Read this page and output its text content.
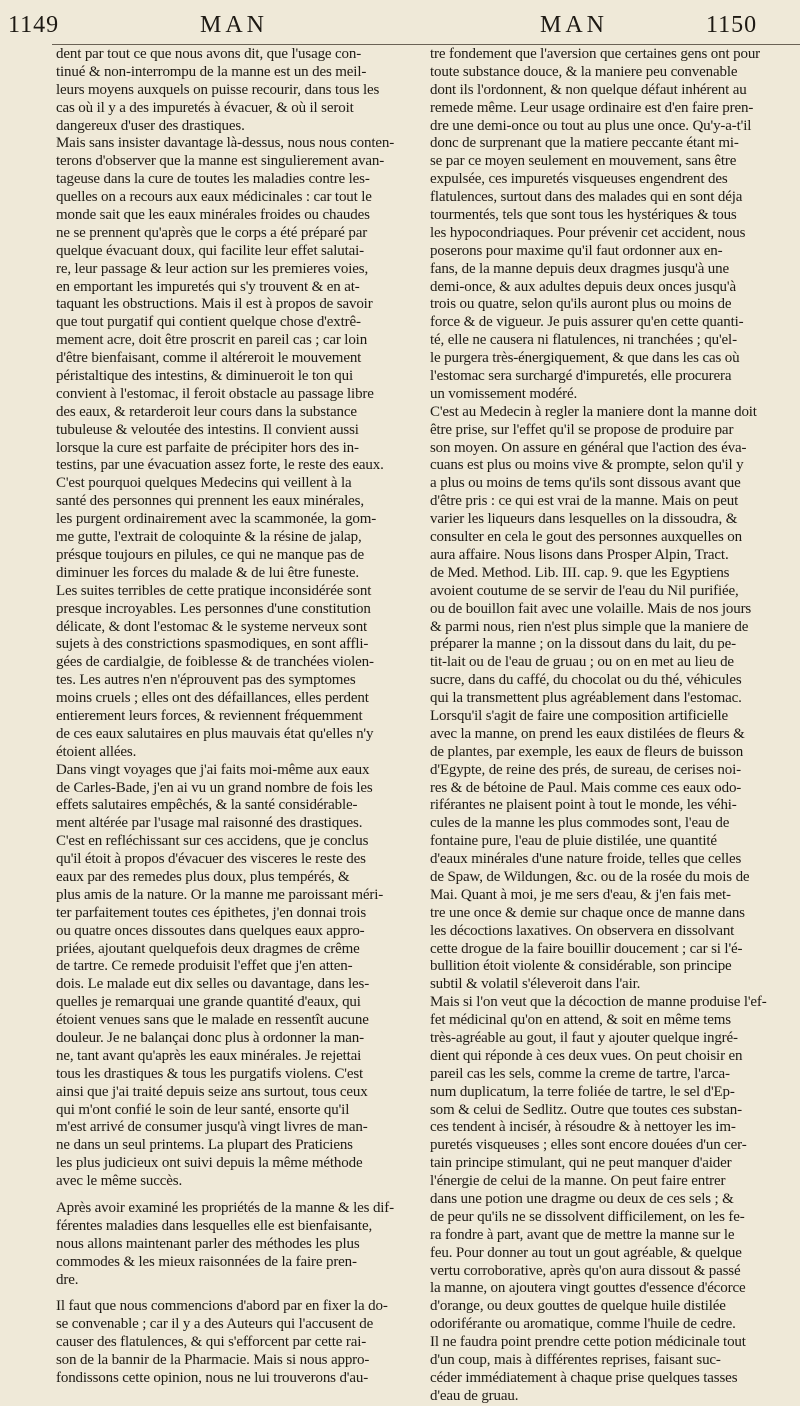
1149	MAN	MAN	1150
dent par tout ce que nous avons dit, que l'usage con-
tinué & non-interrompu de la manne est un des meil-
leurs moyens auxquels on puisse recourir, dans tous les
cas où il y a des impuretés à évacuer, & où il seroit
dangereux d'user des drastiques.
Mais sans insister davantage là-dessus, nous nous conten-
terons d'observer que la manne est singulierement avan-
tageuse dans la cure de toutes les maladies contre les-
quelles on a recours aux eaux médicinales : car tout le
monde sait que les eaux minérales froides ou chaudes
ne se prennent qu'après que le corps a été préparé par
quelque évacuant doux, qui facilite leur effet salutai-
re, leur passage & leur action sur les premieres voies,
en emportant les impuretés qui s'y trouvent & en at-
taquant les obstructions. Mais il est à propos de savoir
que tout purgatif qui contient quelque chose d'extrê-
mement acre, doit être proscrit en pareil cas ; car loin
d'être bienfaisant, comme il altéreroit le mouvement
péristaltique des intestins, & diminueroit le ton qui
convient à l'estomac, il feroit obstacle au passage libre
des eaux, & retarderoit leur cours dans la substance
tubuleuse & veloutée des intestins. Il convient aussi
lorsque la cure est parfaite de précipiter hors des in-
testins, par une évacuation assez forte, le reste des eaux.
C'est pourquoi quelques Medecins qui veillent à la
santé des personnes qui prennent les eaux minérales,
les purgent ordinairement avec la scammonée, la gom-
me gutte, l'extrait de coloquinte & la résine de jalap,
présque toujours en pilules, ce qui ne manque pas de
diminuer les forces du malade & de lui être funeste.
Les suites terribles de cette pratique inconsidérée sont
presque incroyables. Les personnes d'une constitution
délicate, & dont l'estomac & le systeme nerveux sont
sujets à des constrictions spasmodiques, en sont affli-
gées de cardialgie, de foiblesse & de tranchées violen-
tes. Les autres n'en n'éprouvent pas des symptomes
moins cruels ; elles ont des défaillances, elles perdent
entierement leurs forces, & reviennent fréquemment
de ces eaux salutaires en plus mauvais état qu'elles n'y
étoient allées.
Dans vingt voyages que j'ai faits moi-même aux eaux
de Carles-Bade, j'en ai vu un grand nombre de fois les
effets salutaires empêchés, & la santé considérable-
ment altérée par l'usage mal raisonné des drastiques.
C'est en refléchissant sur ces accidens, que je conclus
qu'il étoit à propos d'évacuer des visceres le reste des
eaux par des remedes plus doux, plus tempérés, &
plus amis de la nature. Or la manne me paroissant méri-
ter parfaitement toutes ces épithetes, j'en donnai trois
ou quatre onces dissoutes dans quelques eaux appro-
priées, ajoutant quelquefois deux dragmes de crême
de tartre. Ce remede produisit l'effet que j'en atten-
dois. Le malade eut dix selles ou davantage, dans les-
quelles je remarquai une grande quantité d'eaux, qui
étoient venues sans que le malade en ressentît aucune
douleur. Je ne balançai donc plus à ordonner la man-
ne, tant avant qu'après les eaux minérales. Je rejettai
tous les drastiques & tous les purgatifs violens. C'est
ainsi que j'ai traité depuis seize ans surtout, tous ceux
qui m'ont confié le soin de leur santé, ensorte qu'il
m'est arrivé de consumer jusqu'à vingt livres de man-
ne dans un seul printems. La plupart des Praticiens
les plus judicieux ont suivi depuis la même méthode
avec le même succès.
Après avoir examiné les propriétés de la manne & les dif-
férentes maladies dans lesquelles elle est bienfaisante,
nous allons maintenant parler des méthodes les plus
commodes & les mieux raisonnées de la faire pren-
dre.
Il faut que nous commencions d'abord par en fixer la do-
se convenable ; car il y a des Auteurs qui l'accusent de
causer des flatulences, & qui s'efforcent par cette rai-
son de la bannir de la Pharmacie. Mais si nous appro-
fondissons cette opinion, nous ne lui trouverons d'au-
tre fondement que l'aversion que certaines gens ont pour
toute substance douce, & la maniere peu convenable
dont ils l'ordonnent, & non quelque défaut inhérent au
remede même. Leur usage ordinaire est d'en faire pren-
dre une demi-once ou tout au plus une once. Qu'y-a-t'il
donc de surprenant que la matiere peccante étant mi-
se par ce moyen seulement en mouvement, sans être
expulsée, ces impuretés visqueuses engendrent des
flatulences, surtout dans des malades qui en sont déja
tourmentés, tels que sont tous les hystériques & tous
les hypocondriaques. Pour prévenir cet accident, nous
poserons pour maxime qu'il faut ordonner aux en-
fans, de la manne depuis deux dragmes jusqu'à une
demi-once, & aux adultes depuis deux onces jusqu'à
trois ou quatre, selon qu'ils auront plus ou moins de
force & de vigueur. Je puis assurer qu'en cette quanti-
té, elle ne causera ni flatulences, ni tranchées ; qu'el-
le purgera très-énergiquement, & que dans les cas où
l'estomac sera surchargé d'impuretés, elle procurera
un vomissement modéré.
C'est au Medecin à regler la maniere dont la manne doit
être prise, sur l'effet qu'il se propose de produire par
son moyen. On assure en général que l'action des éva-
cuans est plus ou moins vive & prompte, selon qu'il y
a plus ou moins de tems qu'ils sont dissous avant que
d'être pris : ce qui est vrai de la manne. Mais on peut
varier les liqueurs dans lesquelles on la dissoudra, &
consulter en cela le gout des personnes auxquelles on
aura affaire. Nous lisons dans Prosper Alpin, Tract.
de Med. Method. Lib. III. cap. 9. que les Egyptiens
avoient coutume de se servir de l'eau du Nil purifiée,
ou de bouillon fait avec une volaille. Mais de nos jours
& parmi nous, rien n'est plus simple que la maniere de
préparer la manne ; on la dissout dans du lait, du pe-
tit-lait ou de l'eau de gruau ; ou on en met au lieu de
sucre, dans du caffé, du chocolat ou du thé, véhicules
qui la transmettent plus agréablement dans l'estomac.
Lorsqu'il s'agit de faire une composition artificielle
avec la manne, on prend les eaux distilées de fleurs &
de plantes, par exemple, les eaux de fleurs de buisson
d'Egypte, de reine des prés, de sureau, de cerises noi-
res & de bétoine de Paul. Mais comme ces eaux odo-
riférantes ne plaisent point à tout le monde, les véhi-
cules de la manne les plus commodes sont, l'eau de
fontaine pure, l'eau de pluie distilée, une quantité
d'eaux minérales d'une nature froide, telles que celles
de Spaw, de Wildungen, &c. ou de la rosée du mois de
Mai. Quant à moi, je me sers d'eau, & j'en fais met-
tre une once & demie sur chaque once de manne dans
les décoctions laxatives. On observera en dissolvant
cette drogue de la faire bouillir doucement ; car si l'é-
bullition étoit violente & considérable, son principe
subtil & volatil s'éleveroit dans l'air.
Mais si l'on veut que la décoction de manne produise l'ef-
fet médicinal qu'on en attend, & soit en même tems
très-agréable au gout, il faut y ajouter quelque ingré-
dient qui réponde à ces deux vues. On peut choisir en
pareil cas les sels, comme la creme de tartre, l'arca-
num duplicatum, la terre foliée de tartre, le sel d'Ep-
som & celui de Sedlitz. Outre que toutes ces substan-
ces tendent à incisér, à résoudre & à nettoyer les im-
puretés visqueuses ; elles sont encore douées d'un cer-
tain principe stimulant, qui ne peut manquer d'aider
l'énergie de celui de la manne. On peut faire entrer
dans une potion une dragme ou deux de ces sels ; &
de peur qu'ils ne se dissolvent difficilement, on les fe-
ra fondre à part, avant que de mettre la manne sur le
feu. Pour donner au tout un gout agréable, & quelque
vertu corroborative, après qu'on aura dissout & passé
la manne, on ajoutera vingt gouttes d'essence d'écorce
d'orange, ou deux gouttes de quelque huile distilée
odoriférante ou aromatique, comme l'huile de cedre.
Il ne faudra point prendre cette potion médicinale tout
d'un coup, mais à différentes reprises, faisant suc-
céder immédiatement à chaque prise quelques tasses
d'eau de gruau.
